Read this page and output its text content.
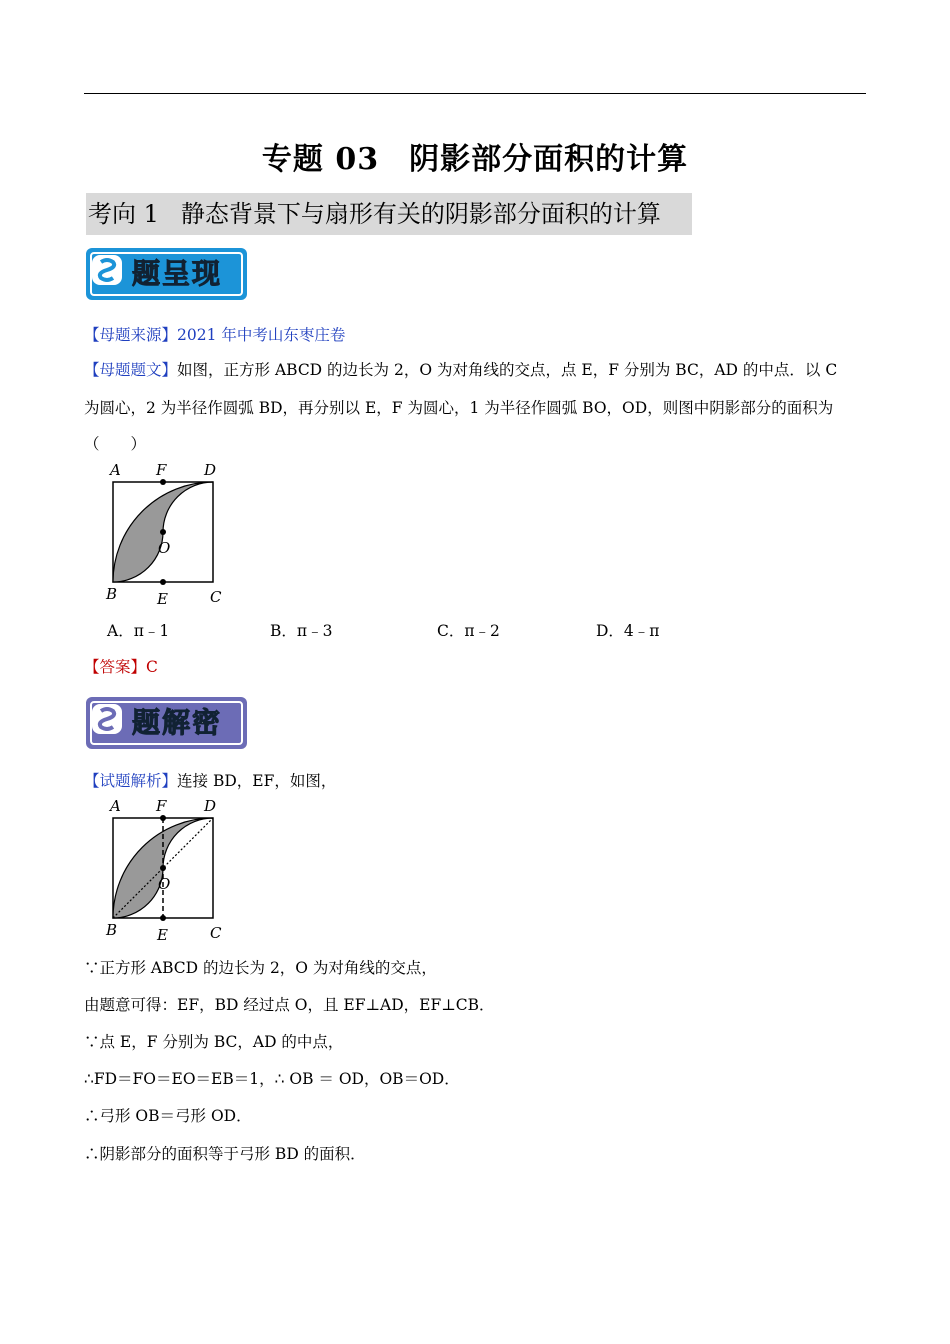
专题 03 阴影部分面积的计算
考向 1 静态背景下与扇形有关的阴影部分面积的计算
题呈现
【母题来源】2021 年中考山东枣庄卷
【母题题文】如图，正方形 ABCD 的边长为 2，O 为对角线的交点，点 E，F 分别为 BC，AD 的中点．以 C
为圆心，2 为半径作圆弧 BD，再分别以 E，F 为圆心，1 为半径作圆弧 BO，OD，则图中阴影部分的面积为
（　　）
A F	D
O
B	E	C
A．π﹣1	B．π﹣3	C．π﹣2	D．4﹣π
【答案】C
题解密
【试题解析】连接 BD，EF，如图，
A F	D
O
B	E	C
∵正方形 ABCD 的边长为 2，O 为对角线的交点，
由题意可得：EF，BD 经过点 O，且 EF⊥AD，EF⊥CB．
∵点 E，F 分别为 BC，AD 的中点，
∴FD＝FO＝EO＝EB＝1，∴ OB ＝ OD，OB＝OD．
∴弓形 OB＝弓形 OD．
∴阴影部分的面积等于弓形 BD 的面积．
